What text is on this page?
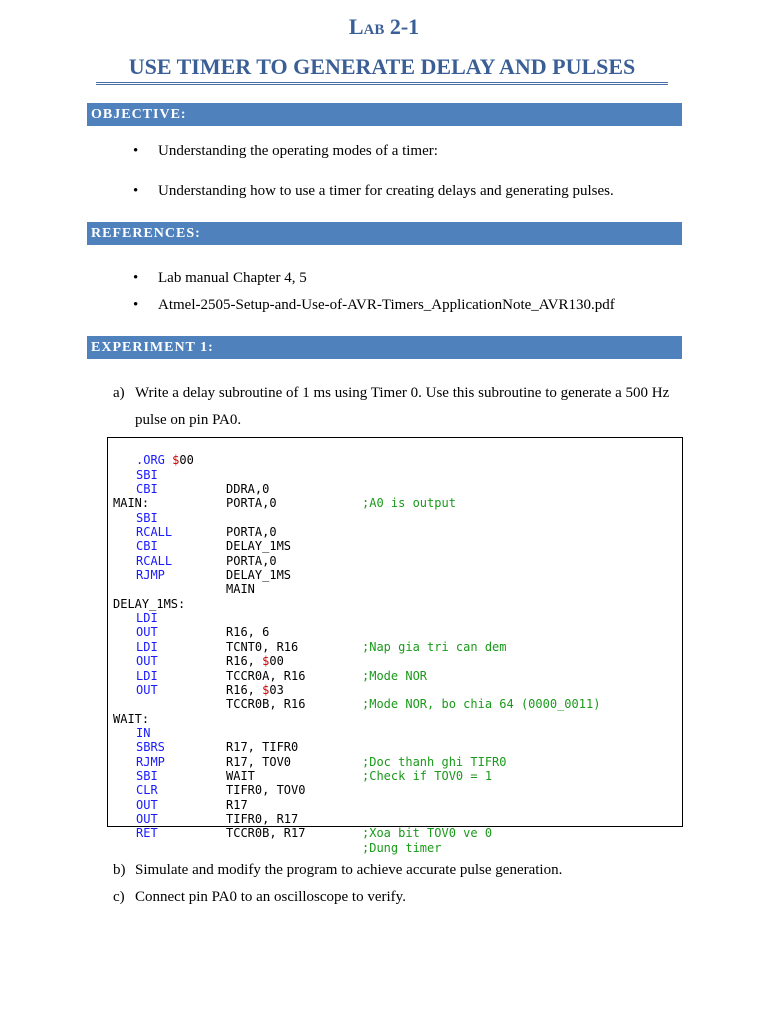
Lab 2-1
USE TIMER TO GENERATE DELAY AND PULSES
OBJECTIVE:
• Understanding the operating modes of a timer:
• Understanding how to use a timer for creating delays and generating pulses.
REFERENCES:
• Lab manual Chapter 4, 5
• Atmel-2505-Setup-and-Use-of-AVR-Timers_ApplicationNote_AVR130.pdf
EXPERIMENT 1:
a) Write a delay subroutine of 1 ms using Timer 0. Use this subroutine to generate a 500 Hz
pulse on pin PA0.

.ORG $00

SBI

DDRA,0

;A0 is output

CBI

PORTA,0

MAIN:

SBI

PORTA,0

RCALL

DELAY_1MS

CBI

PORTA,0

RCALL

DELAY_1MS

RJMP

MAIN

DELAY_1MS:

LDI

R16, 6

;Nap gia tri can dem

OUT

TCNT0, R16

LDI

R16, $00

;Mode NOR

OUT

TCCR0A, R16

LDI

R16, $03

;Mode NOR, bo chia 64 (0000_0011)

OUT

TCCR0B, R16

WAIT:

IN

R17, TIFR0

;Doc thanh ghi TIFR0

SBRS

R17, TOV0

;Check if TOV0 = 1

RJMP

WAIT

SBI

TIFR0, TOV0

CLR

R17

OUT

TIFR0, R17

;Xoa bit TOV0 ve 0

OUT

TCCR0B, R17

;Dung timer

RET

b) Simulate and modify the program to achieve accurate pulse generation.
c) Connect pin PA0 to an oscilloscope to verify.
